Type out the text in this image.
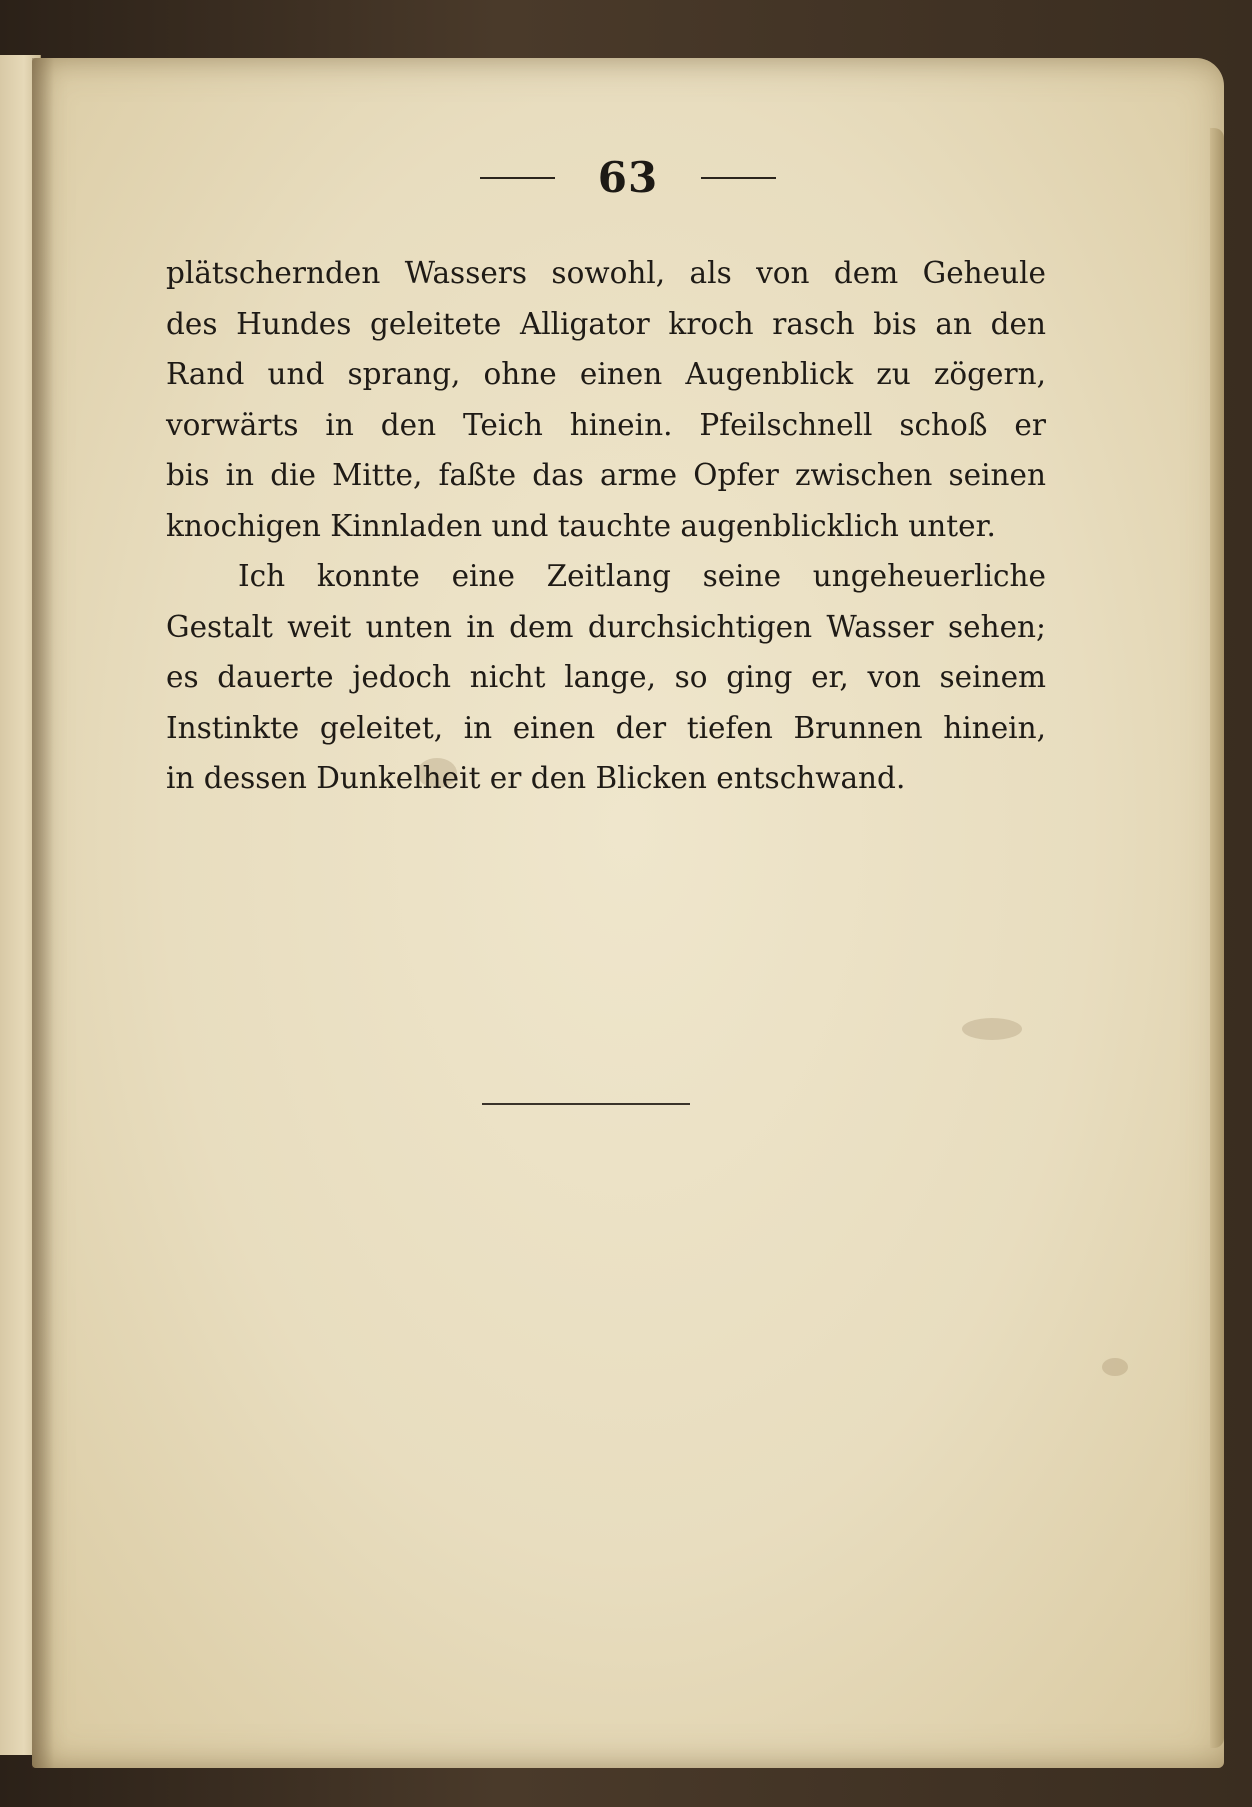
63
plätschernden Wassers sowohl, als von dem Geheule
des Hundes geleitete Alligator kroch rasch bis an den
Rand und sprang, ohne einen Augenblick zu zögern,
vorwärts in den Teich hinein. Pfeilschnell schoß er
bis in die Mitte, faßte das arme Opfer zwischen seinen
knochigen Kinnladen und tauchte augenblicklich unter.
Ich konnte eine Zeitlang seine ungeheuerliche
Gestalt weit unten in dem durchsichtigen Wasser sehen;
es dauerte jedoch nicht lange, so ging er, von seinem
Instinkte geleitet, in einen der tiefen Brunnen hinein,
in dessen Dunkelheit er den Blicken entschwand.
